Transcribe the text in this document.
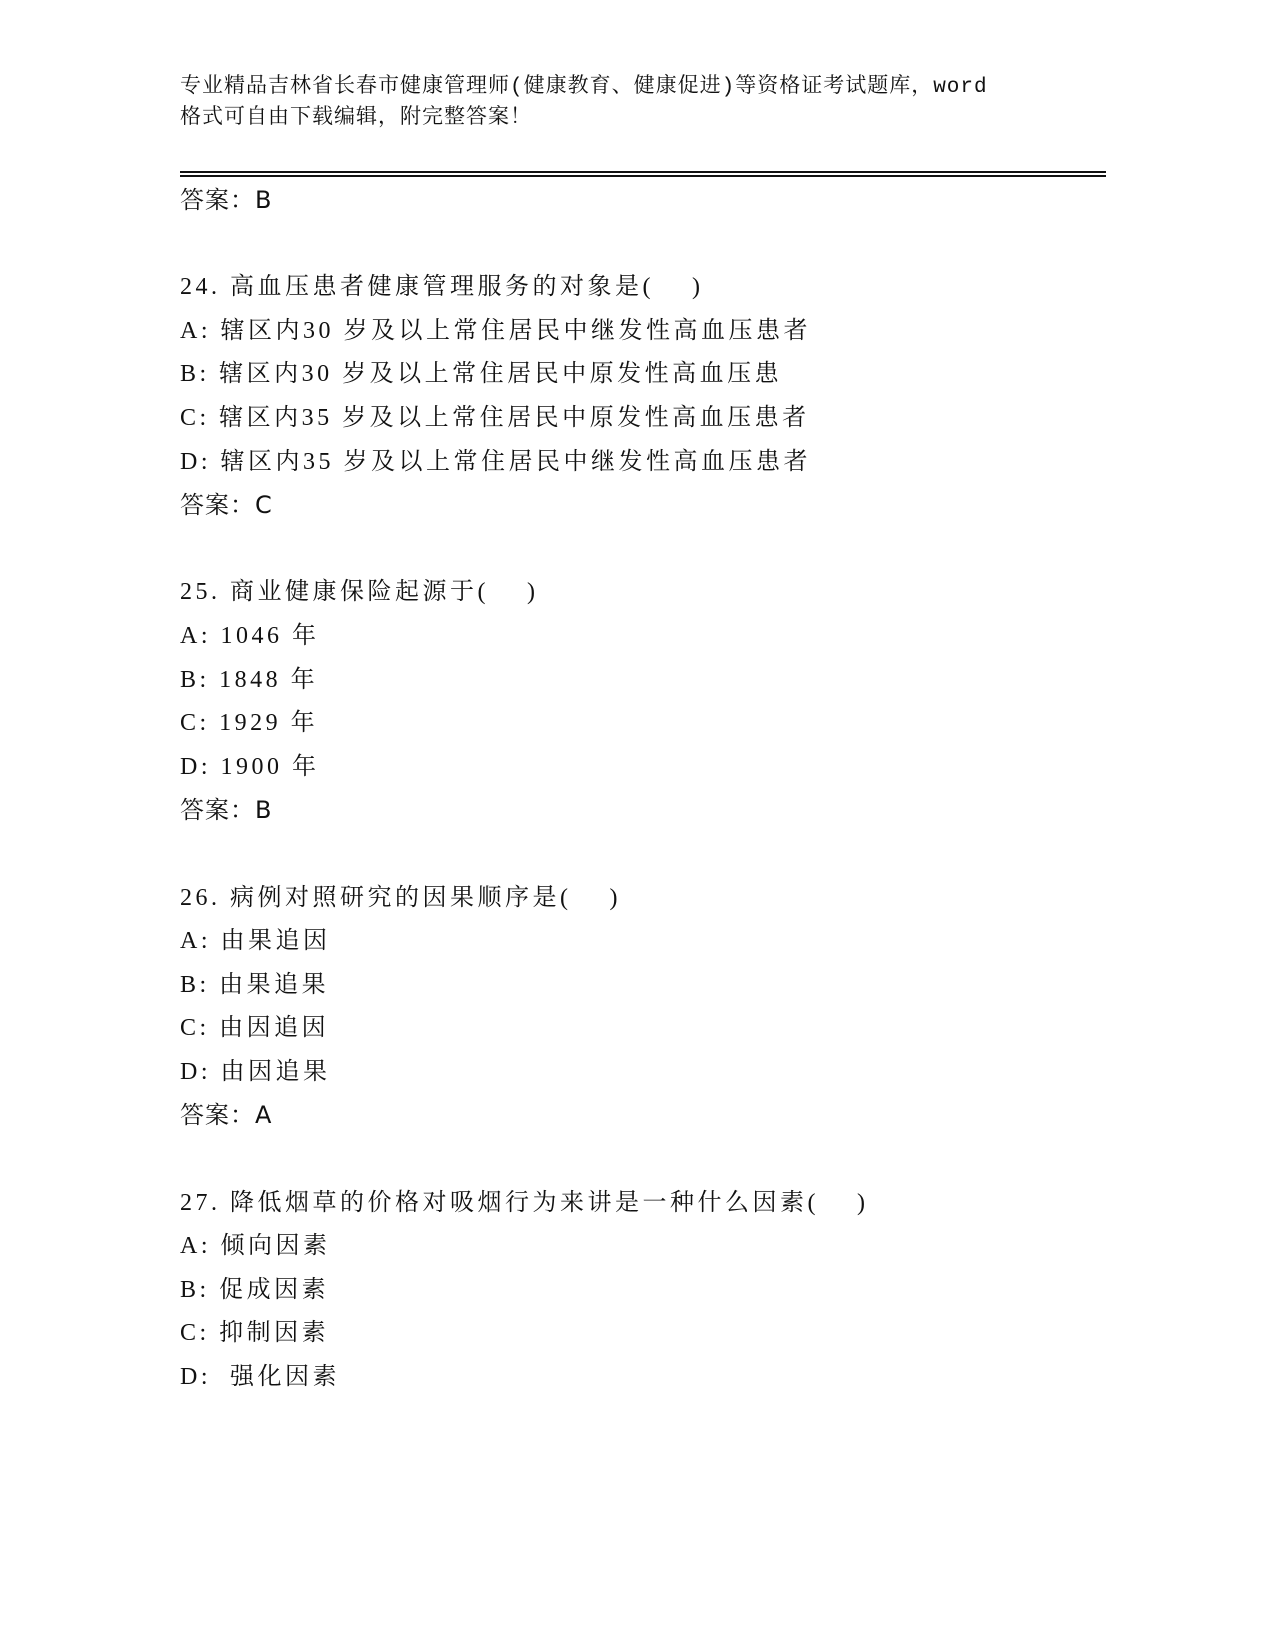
专业精品吉林省长春市健康管理师(健康教育、健康促进)等资格证考试题库，word
格式可自由下载编辑，附完整答案！
答案：B
24. 高血压患者健康管理服务的对象是(    )
A: 辖区内30 岁及以上常住居民中继发性高血压患者
B: 辖区内30 岁及以上常住居民中原发性高血压患
C: 辖区内35 岁及以上常住居民中原发性高血压患者
D: 辖区内35 岁及以上常住居民中继发性高血压患者
答案：C
25. 商业健康保险起源于(    )
A: 1046 年
B: 1848 年
C: 1929 年
D: 1900 年
答案：B
26. 病例对照研究的因果顺序是(    )
A: 由果追因
B: 由果追果
C: 由因追因
D: 由因追果
答案：A
27. 降低烟草的价格对吸烟行为来讲是一种什么因素(    )
A: 倾向因素
B: 促成因素
C: 抑制因素
D:  强化因素
